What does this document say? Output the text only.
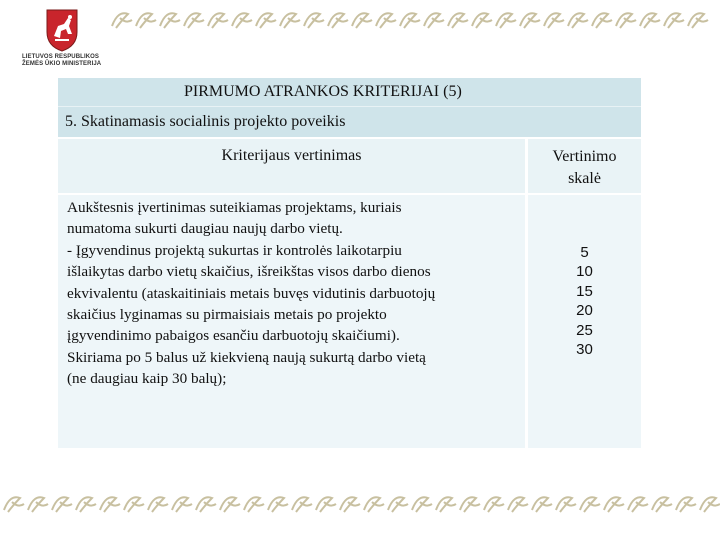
LIETUVOS RESPUBLIKOS
ŽEMĖS ŪKIO MINISTERIJA
PIRMUMO ATRANKOS KRITERIJAI (5)
5. Skatinamasis socialinis projekto poveikis
Kriterijaus vertinimas	Vertinimo
skalė

Aukštesnis įvertinimas suteikiamas projektams, kuriais

numatoma sukurti daugiau naujų darbo vietų.

- Įgyvendinus projektą sukurtas ir kontrolės laikotarpiu

išlaikytas darbo vietų skaičius, išreikštas visos darbo dienos

ekvivalentu (ataskaitiniais metais buvęs vidutinis darbuotojų

skaičius lyginamas su pirmaisiais metais po projekto

įgyvendinimo pabaigos esančiu darbuotojų skaičiumi).

Skiriama po 5 balus už kiekvieną naują sukurtą darbo vietą

(ne daugiau kaip 30 balų);

5
10
15
20
25
30
